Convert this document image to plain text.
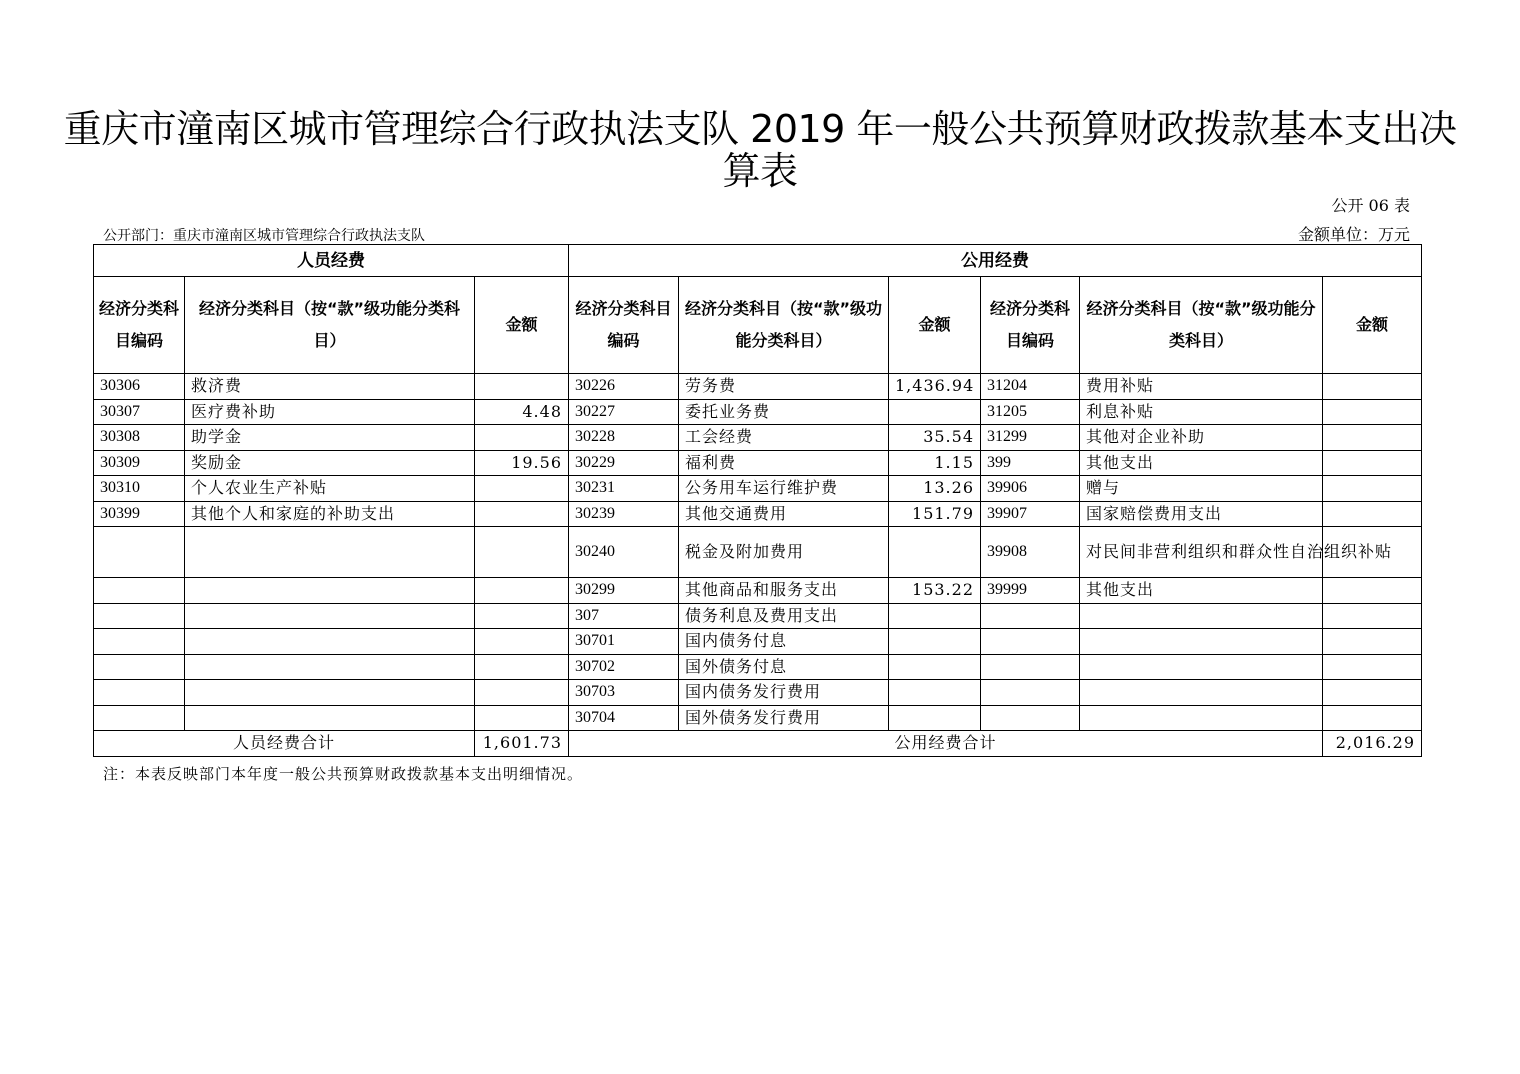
重庆市潼南区城市管理综合行政执法支队 2019 年一般公共预算财政拨款基本支出决算表
公开 06 表
公开部门：重庆市潼南区城市管理综合行政执法支队	金额单位：万元
人员经费			公用经费					
经济分类科目编码	经济分类科目（按“款”级功能分类科目）	金额	经济分类科目编码	经济分类科目（按“款”级功能分类科目）	金额	经济分类科目编码	经济分类科目（按“款”级功能分类科目）	金额
30306	救济费		30226	劳务费	1,436.94	31204	费用补贴	
30307	医疗费补助	4.48	30227	委托业务费		31205	利息补贴	
30308	助学金		30228	工会经费	35.54	31299	其他对企业补助	
30309	奖励金	19.56	30229	福利费	1.15	399	其他支出	
30310	个人农业生产补贴		30231	公务用车运行维护费	13.26	39906	赠与	
30399	其他个人和家庭的补助支出		30239	其他交通费用	151.79	39907	国家赔偿费用支出	
			30240	税金及附加费用		39908	对民间非营利组织和群众性自治组织补贴	
			30299	其他商品和服务支出	153.22	39999	其他支出	
			307	债务利息及费用支出				
			30701	国内债务付息				
			30702	国外债务付息				
			30703	国内债务发行费用				
			30704	国外债务发行费用				
人员经费合计		1,601.73	公用经费合计					2,016.29
注：本表反映部门本年度一般公共预算财政拨款基本支出明细情况。
